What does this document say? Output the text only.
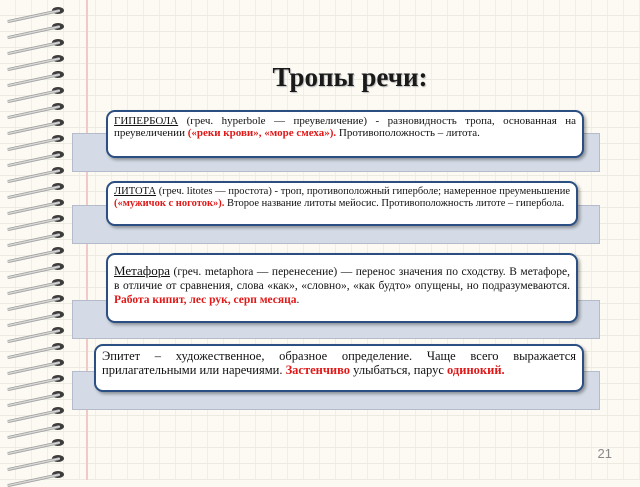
Тропы речи:
ГИПЕРБОЛА (греч. hyperbole — преувеличение) - разновидность тропа, основанная на преувеличении («реки крови», «море смеха»). Противоположность – литота.
ЛИТОТА (греч. litotes — простота) - троп, противоположный гиперболе; намеренное преуменьшение («мужичок с ноготок»). Второе название литоты мейосис. Противоположность литоте – гипербола.
Метафора (греч. metaphora — перенесение) — перенос значения по сходству. В метафоре, в отличие от сравнения, слова «как», «словно», «как будто» опущены, но подразумеваются. Работа кипит, лес рук, серп месяца.
Эпитет – художественное, образное определение. Чаще всего выражается прилагательными или наречиями. Застенчиво улыбаться, парус одинокий.
21
